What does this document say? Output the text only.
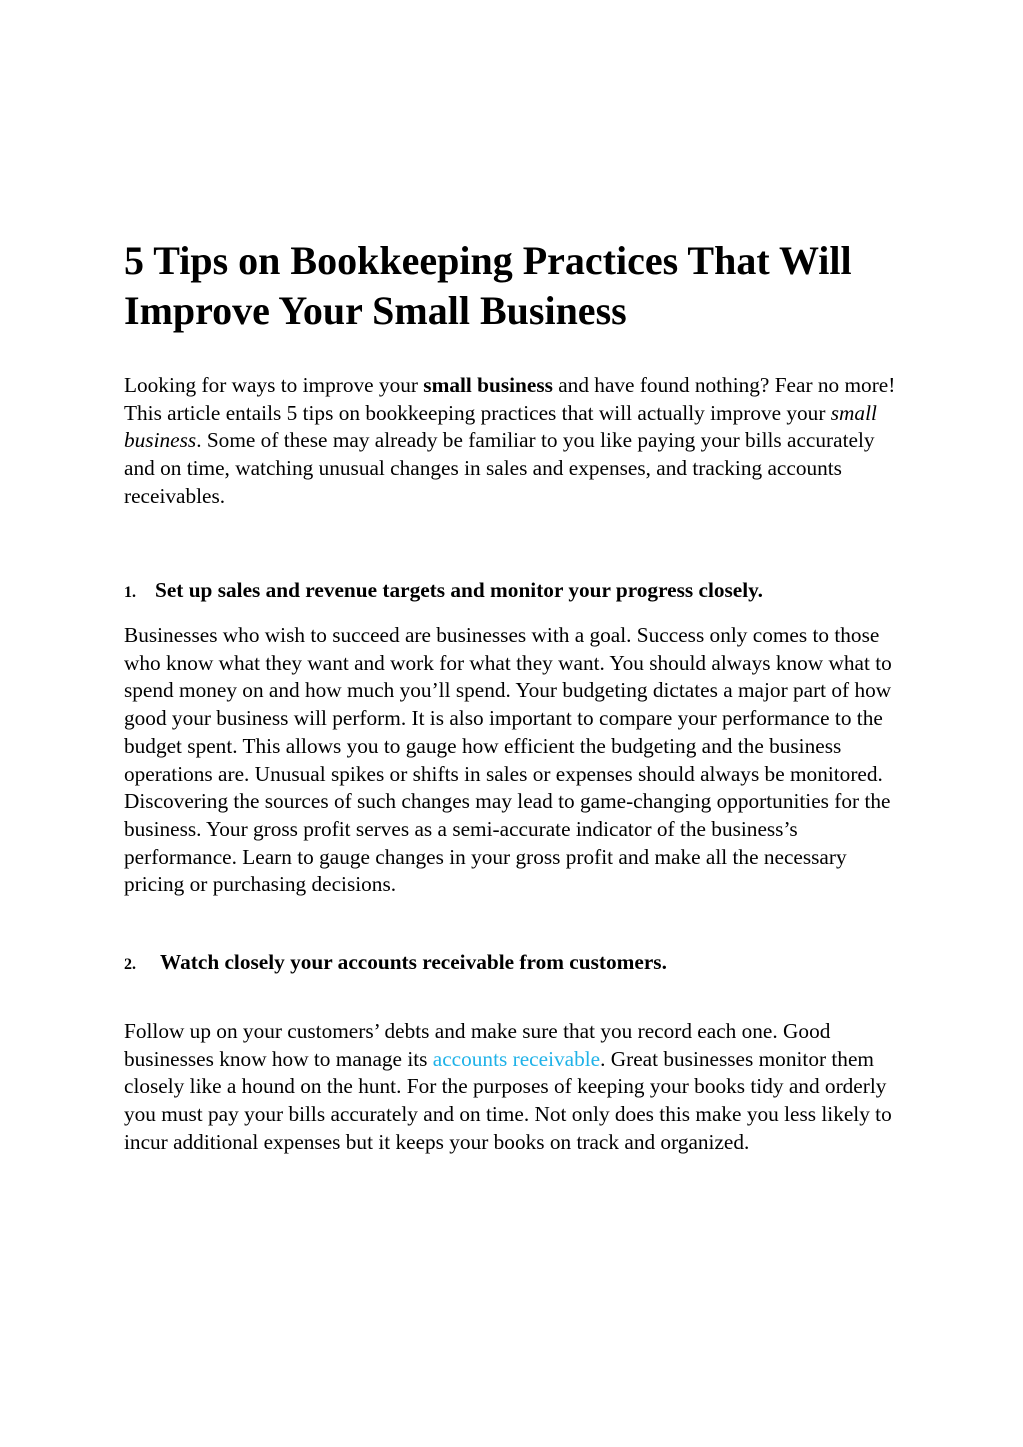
5 Tips on Bookkeeping Practices That Will Improve Your Small Business

Looking for ways to improve your small business and have found nothing? Fear no more! This article entails 5 tips on bookkeeping practices that will actually improve your small business. Some of these may already be familiar to you like paying your bills accurately and on time, watching unusual changes in sales and expenses, and tracking accounts receivables.

1. Set up sales and revenue targets and monitor your progress closely.

Businesses who wish to succeed are businesses with a goal. Success only comes to those who know what they want and work for what they want. You should always know what to spend money on and how much you’ll spend. Your budgeting dictates a major part of how good your business will perform. It is also important to compare your performance to the budget spent. This allows you to gauge how efficient the budgeting and the business operations are. Unusual spikes or shifts in sales or expenses should always be monitored. Discovering the sources of such changes may lead to game-changing opportunities for the business. Your gross profit serves as a semi-accurate indicator of the business’s performance. Learn to gauge changes in your gross profit and make all the necessary pricing or purchasing decisions.

2. Watch closely your accounts receivable from customers.

Follow up on your customers’ debts and make sure that you record each one. Good businesses know how to manage its accounts receivable. Great businesses monitor them closely like a hound on the hunt. For the purposes of keeping your books tidy and orderly you must pay your bills accurately and on time. Not only does this make you less likely to incur additional expenses but it keeps your books on track and organized.
